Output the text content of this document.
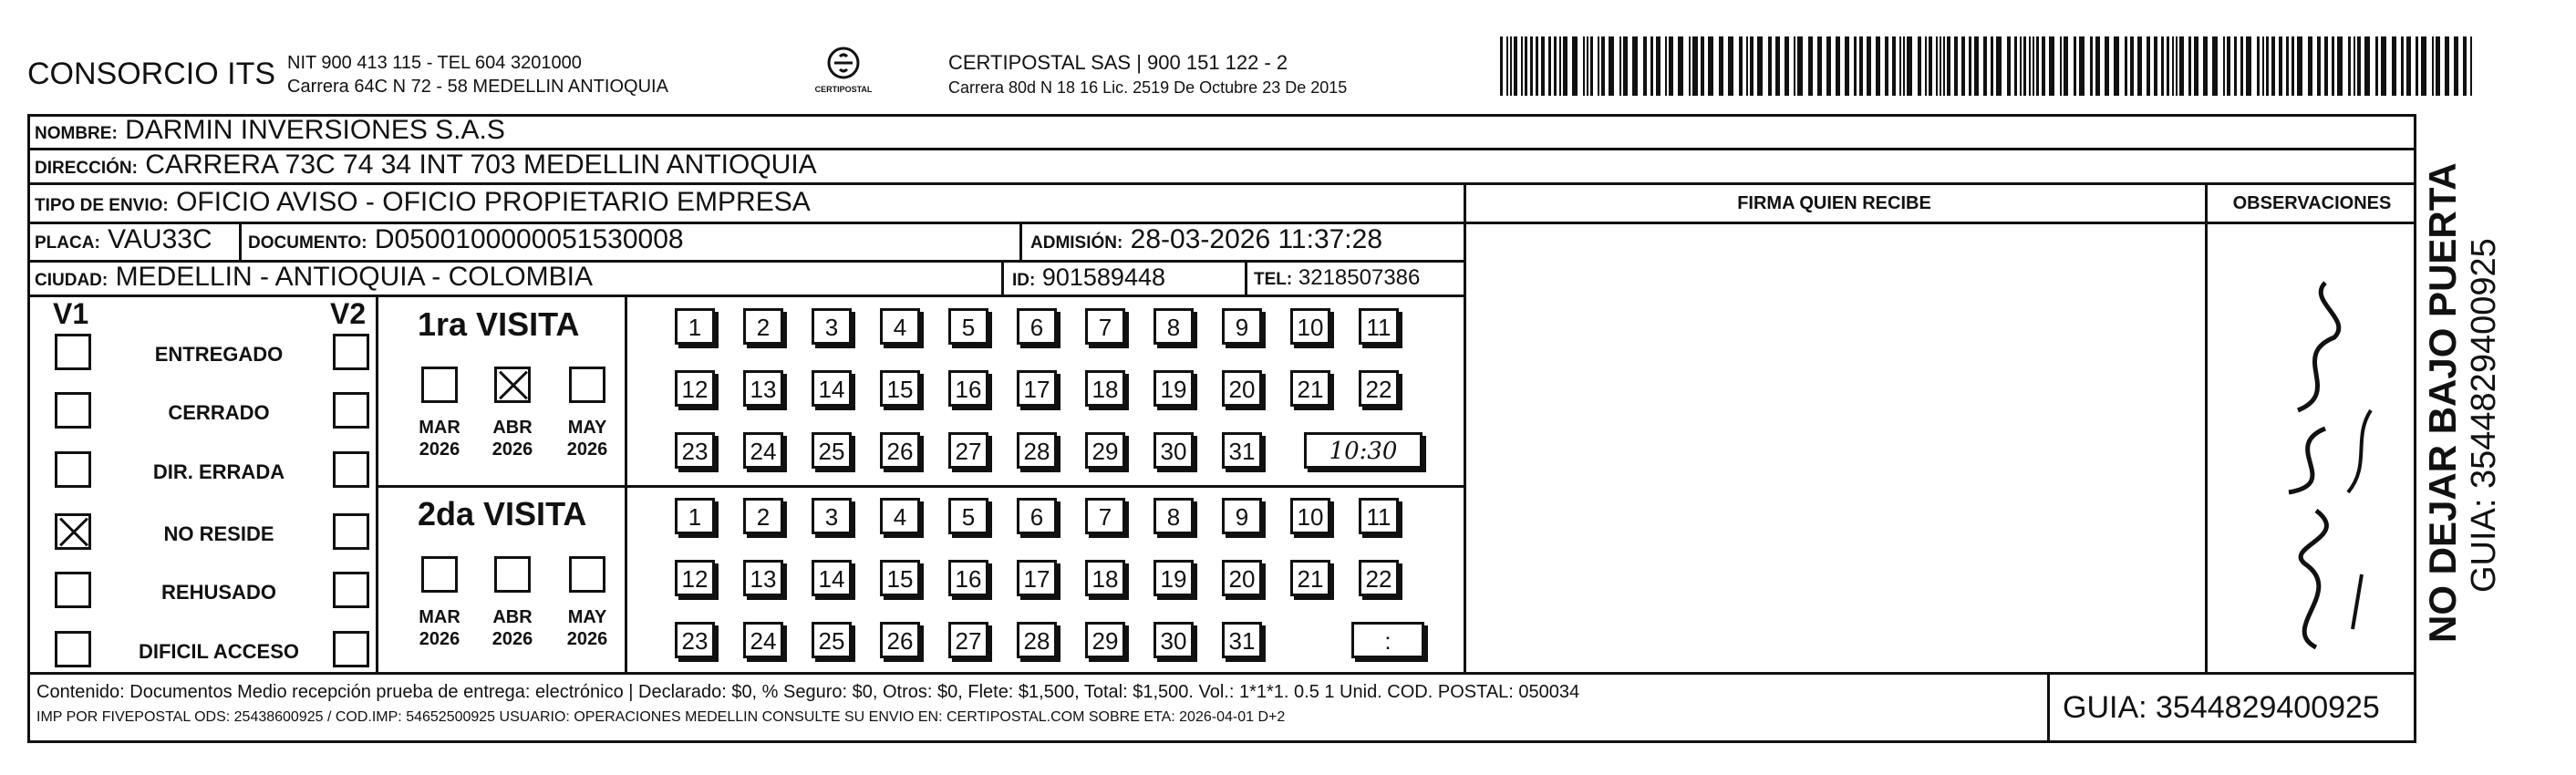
CONSORCIO ITS NIT 900 413 115 - TEL 604 3201000
Carrera 64C N 72 - 58 MEDELLIN ANTIOQUIA	CERTIPOSTAL
CERTIPOSTAL SAS | 900 151 122 - 2
Carrera 80d N 18 16 Lic. 2519 De Octubre 23 De 2015
NOMBRE: DARMIN INVERSIONES S.A.S
DIRECCIÓN: CARRERA 73C 74 34 INT 703 MEDELLIN ANTIOQUIA
TIPO DE ENVIO: OFICIO AVISO - OFICIO PROPIETARIO EMPRESA	FIRMA QUIEN RECIBE	OBSERVACIONES
PLACA: VAU33C DOCUMENTO: D0500100000051530008	ADMISIÓN: 28-03-2026 11:37:28
CIUDAD: MEDELLIN - ANTIOQUIA - COLOMBIA	ID: 901589448	TEL: 3218507386
V1	V2
ENTREGADO
CERRADO
DIR. ERRADA
NO RESIDE
REHUSADO
DIFICIL ACCESO
1ra VISITA
MAR
2026
ABR
2026
MAY
2026
1	2	3	4	5	6	7	8	9	10	11
12 13 14 15 16 17 18 19 20 21 22
23 24 25 26 27 28 29 30 31	10:30
2da VISITA
MAR
2026
ABR
2026
MAY
2026
1	2	3	4	5	6	7	8	9	10	11
12 13 14 15 16 17 18 19 20 21 22
23 24 25 26 27 28 29 30 31	:
Contenido: Documentos Medio recepción prueba de entrega: electrónico | Declarado: $0, % Seguro: $0, Otros: $0, Flete: $1,500, Total: $1,500. Vol.: 1*1*1. 0.5 1 Unid. COD. POSTAL: 050034
IMP POR FIVEPOSTAL ODS: 25438600925 / COD.IMP: 54652500925 USUARIO: OPERACIONES MEDELLIN CONSULTE SU ENVIO EN: CERTIPOSTAL.COM SOBRE ETA: 2026-04-01 D+2	GUIA: 3544829400925
NO DEJAR BAJO PUERTA GUIA: 3544829400925
